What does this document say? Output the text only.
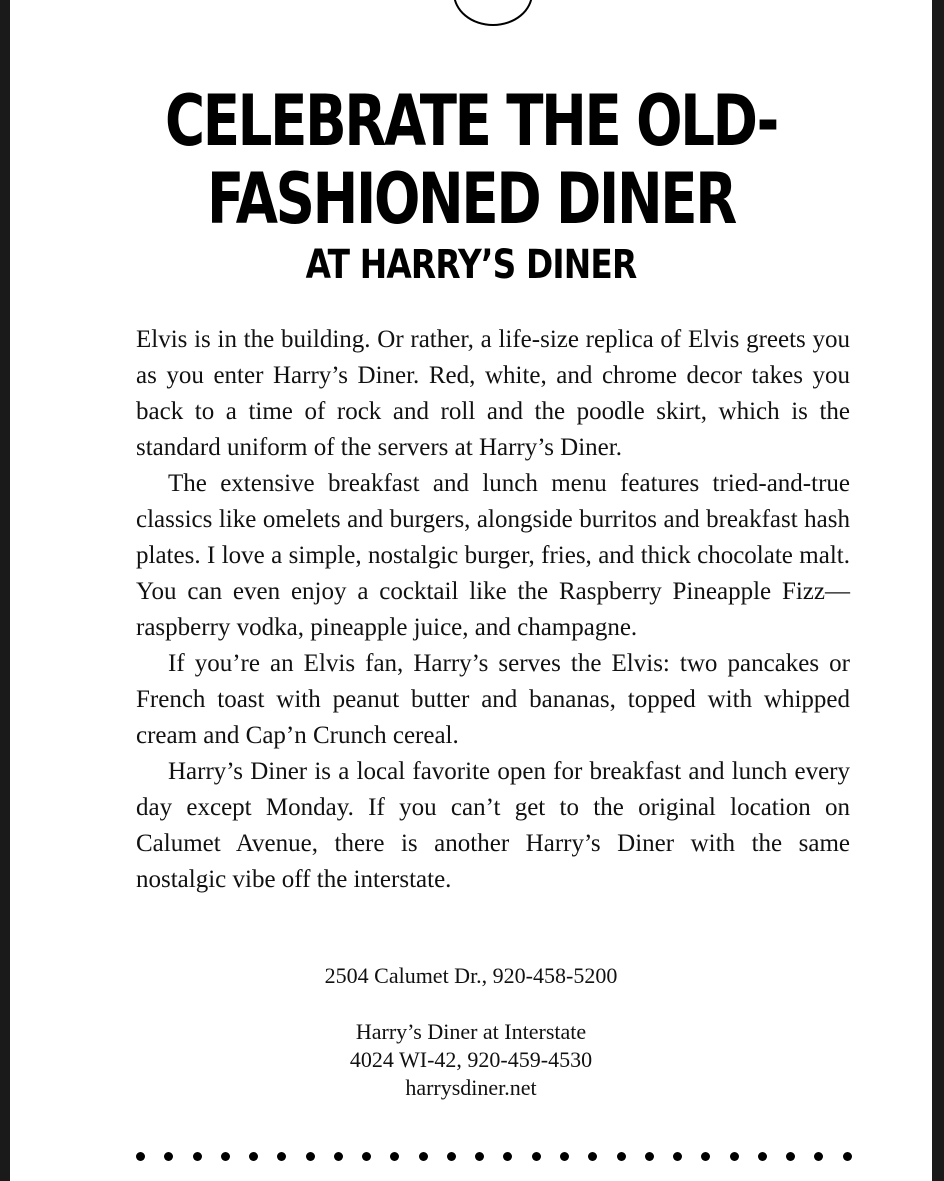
CELEBRATE THE OLD-
FASHIONED DINER
AT HARRY’S DINER

Elvis is in the building. Or rather, a life-size replica of Elvis greets you as you enter Harry’s Diner. Red, white, and chrome decor takes you back to a time of rock and roll and the poodle skirt, which is the standard uniform of the servers at Harry’s Diner.

The extensive breakfast and lunch menu features tried-and-true classics like omelets and burgers, alongside burritos and breakfast hash plates. I love a simple, nostalgic burger, fries, and thick chocolate malt. You can even enjoy a cocktail like the Raspberry Pineapple Fizz—raspberry vodka, pineapple juice, and champagne.

If you’re an Elvis fan, Harry’s serves the Elvis: two pancakes or French toast with peanut butter and bananas, topped with whipped cream and Cap’n Crunch cereal.

Harry’s Diner is a local favorite open for breakfast and lunch every day except Monday. If you can’t get to the original location on Calumet Avenue, there is another Harry’s Diner with the same nostalgic vibe off the interstate.

2504 Calumet Dr., 920-458-5200
Harry’s Diner at Interstate
4024 WI-42, 920-459-4530
harrysdiner.net
